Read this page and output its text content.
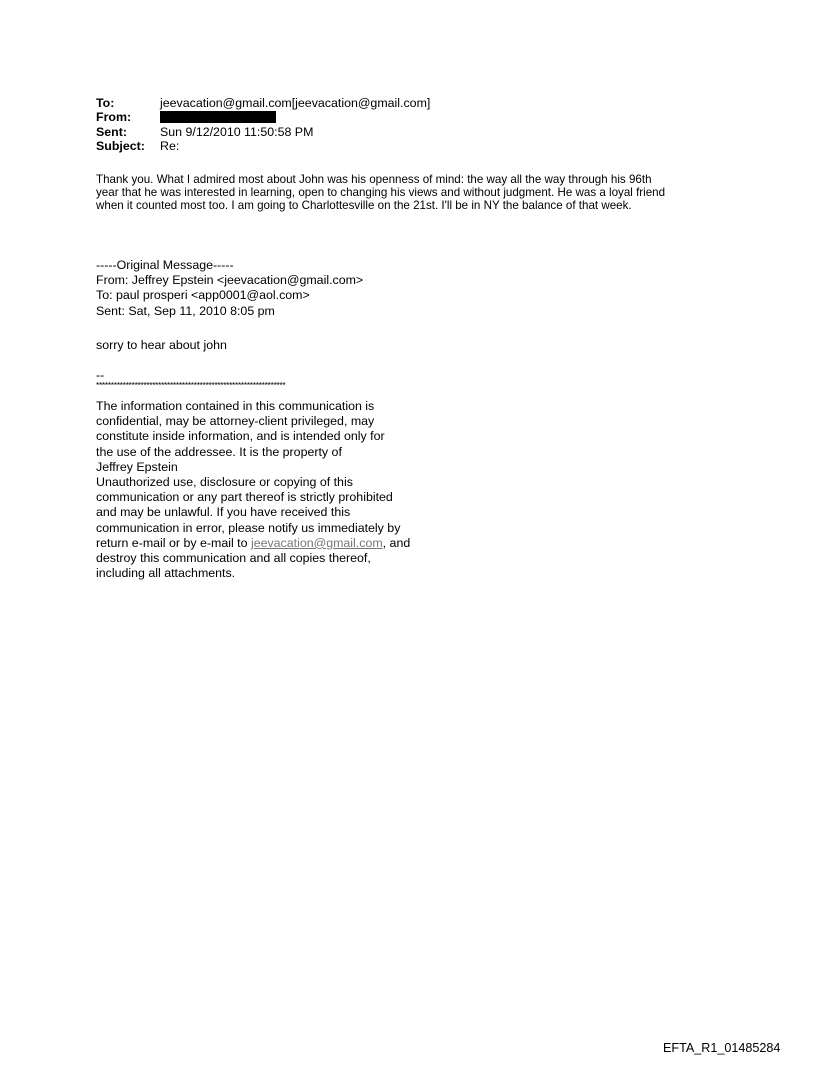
To:	jeevacation@gmail.com[jeevacation@gmail.com]
From:
Sent:	Sun 9/12/2010 11:50:58 PM
Subject:	Re:
Thank you. What I admired most about John was his openness of mind: the way all the way through his 96th
year that he was interested in learning, open to changing his views and without judgment. He was a loyal friend
when it counted most too. I am going to Charlottesville on the 21st. I'll be in NY the balance of that week.
-----Original Message-----
From: Jeffrey Epstein <jeevacation@gmail.com>
To: paul prosperi <app0001@aol.com>
Sent: Sat, Sep 11, 2010 8:05 pm
sorry to hear about john
--
****************************************************************
The information contained in this communication is
confidential, may be attorney-client privileged, may
constitute inside information, and is intended only for
the use of the addressee. It is the property of
Jeffrey Epstein
Unauthorized use, disclosure or copying of this
communication or any part thereof is strictly prohibited
and may be unlawful. If you have received this
communication in error, please notify us immediately by
return e-mail or by e-mail to jeevacation@gmail.com, and
destroy this communication and all copies thereof,
including all attachments.
EFTA_R1_01485284
